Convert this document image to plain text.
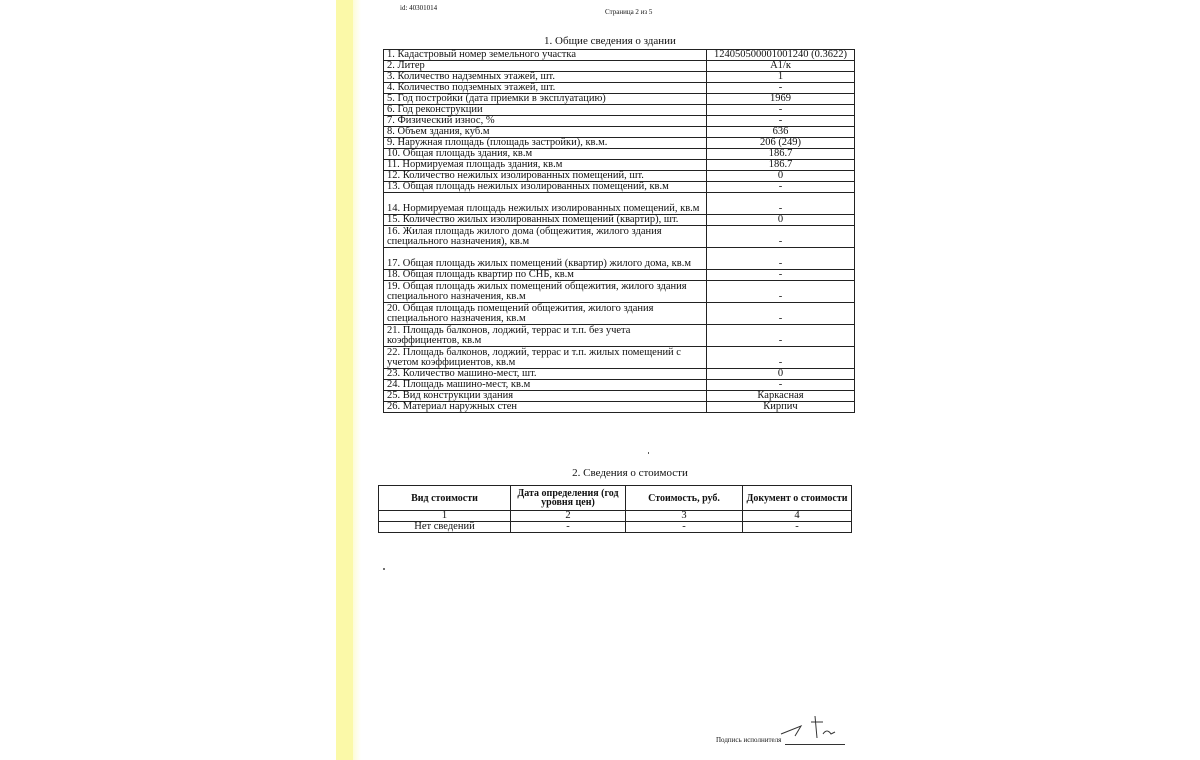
id: 40301014	Страница 2 из 5
1. Общие сведения о здании
1. Кадастровый номер земельного участка	124050500001001240 (0.3622)
2. Литер	А1/к
3. Количество надземных этажей, шт.	1
4. Количество подземных этажей, шт.	-
5. Год постройки (дата приемки в эксплуатацию)	1969
6. Год реконструкции	-
7. Физический износ, %	-
8. Объем здания, куб.м	636
9. Наружная площадь (площадь застройки), кв.м.	206 (249)
10. Общая площадь здания, кв.м	186.7
11. Нормируемая площадь здания, кв.м	186.7
12. Количество нежилых изолированных помещений, шт.	0
13. Общая площадь нежилых изолированных помещений, кв.м	-
14. Нормируемая площадь нежилых изолированных помещений, кв.м	-
15. Количество жилых изолированных помещений (квартир), шт.	0
16. Жилая площадь жилого дома (общежития, жилого здания специального назначения), кв.м	-
17. Общая площадь жилых помещений (квартир) жилого дома, кв.м	-
18. Общая площадь квартир по СНБ, кв.м	-
19. Общая площадь жилых помещений общежития, жилого здания специального назначения, кв.м	-
20. Общая площадь помещений общежития, жилого здания специального назначения, кв.м	-
21. Площадь балконов, лоджий, террас и т.п. без учета коэффициентов, кв.м	-
22. Площадь балконов, лоджий, террас и т.п. жилых помещений с учетом коэффициентов, кв.м	-
23. Количество машино-мест, шт.	0
24. Площадь машино-мест, кв.м	-
25. Вид конструкции здания	Каркасная
26. Материал наружных стен	Кирпич
2. Сведения о стоимости
Вид стоимости	Дата определения (год уровня цен)	Стоимость, руб.	Документ о стоимости
1	2	3	4
Нет сведений	-	-	-
Подпись исполнителя
